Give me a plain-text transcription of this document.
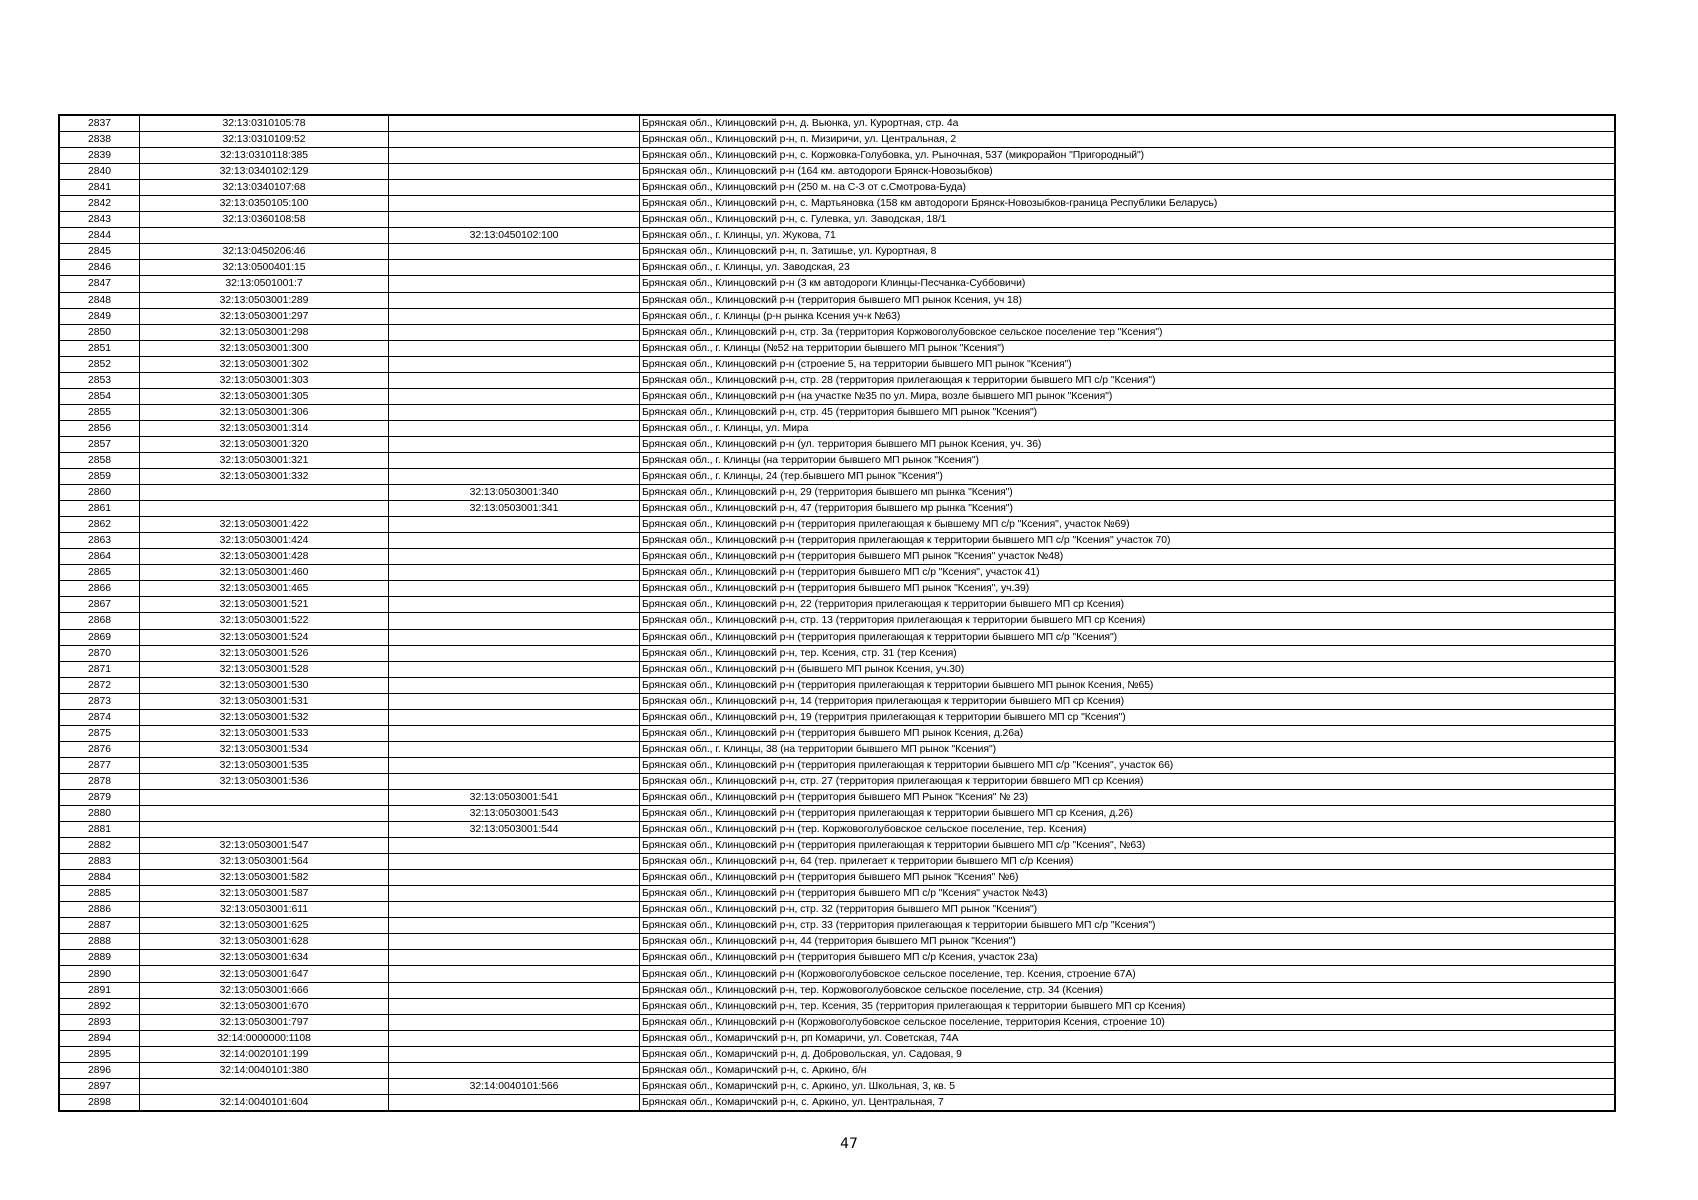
2837	32:13:0310105:78		Брянская обл., Клинцовский р-н, д. Вьюнка, ул. Курортная, стр. 4а
2838	32:13:0310109:52		Брянская обл., Клинцовский р-н, п. Мизиричи, ул. Центральная, 2
2839	32:13:0310118:385		Брянская обл., Клинцовский р-н, с. Коржовка-Голубовка, ул. Рыночная, 537 (микрорайон "Пригородный")
2840	32:13:0340102:129		Брянская обл., Клинцовский р-н (164 км. автодороги Брянск-Новозыбков)
2841	32:13:0340107:68		Брянская обл., Клинцовский р-н (250 м. на С-З от с.Смотрова-Буда)
2842	32:13:0350105:100		Брянская обл., Клинцовский р-н, с. Мартьяновка (158 км автодороги Брянск-Новозыбков-граница Республики Беларусь)
2843	32:13:0360108:58		Брянская обл., Клинцовский р-н, с. Гулевка, ул. Заводская, 18/1
2844		32:13:0450102:100	Брянская обл., г. Клинцы, ул. Жукова, 71
2845	32:13:0450206:46		Брянская обл., Клинцовский р-н, п. Затишье, ул. Курортная, 8
2846	32:13:0500401:15		Брянская обл., г. Клинцы, ул. Заводская, 23
2847	32:13:0501001:7		Брянская обл., Клинцовский р-н (3 км автодороги Клинцы-Песчанка-Суббовичи)
2848	32:13:0503001:289		Брянская обл., Клинцовский р-н (территория бывшего МП рынок Ксения, уч 18)
2849	32:13:0503001:297		Брянская обл., г. Клинцы (р-н рынка Ксения уч-к №63)
2850	32:13:0503001:298		Брянская обл., Клинцовский р-н, стр. 3а (территория Коржовоголубовское сельское поселение тер "Ксения")
2851	32:13:0503001:300		Брянская обл., г. Клинцы (№52 на территории бывшего МП рынок "Ксения")
2852	32:13:0503001:302		Брянская обл., Клинцовский р-н (строение 5, на территории бывшего МП рынок "Ксения")
2853	32:13:0503001:303		Брянская обл., Клинцовский р-н, стр. 28 (территория прилегающая к территории бывшего МП с/р "Ксения")
2854	32:13:0503001:305		Брянская обл., Клинцовский р-н (на участке №35 по ул. Мира, возле бывшего МП рынок "Ксения")
2855	32:13:0503001:306		Брянская обл., Клинцовский р-н, стр. 45 (территория бывшего МП рынок "Ксения")
2856	32:13:0503001:314		Брянская обл., г. Клинцы, ул. Мира
2857	32:13:0503001:320		Брянская обл., Клинцовский р-н (ул. территория бывшего МП рынок Ксения, уч. 36)
2858	32:13:0503001:321		Брянская обл., г. Клинцы (на территории бывшего МП рынок "Ксения")
2859	32:13:0503001:332		Брянская обл., г. Клинцы, 24 (тер.бывшего МП рынок "Ксения")
2860		32:13:0503001:340	Брянская обл., Клинцовский р-н, 29 (территория бывшего мп рынка "Ксения")
2861		32:13:0503001:341	Брянская обл., Клинцовский р-н, 47 (территория бывшего мр рынка "Ксения")
2862	32:13:0503001:422		Брянская обл., Клинцовский р-н (территория прилегающая к бывшему МП с/р "Ксения", участок №69)
2863	32:13:0503001:424		Брянская обл., Клинцовский р-н (территория прилегающая к территории бывшего МП с/р "Ксения" участок 70)
2864	32:13:0503001:428		Брянская обл., Клинцовский р-н (территория бывшего МП рынок "Ксения" участок №48)
2865	32:13:0503001:460		Брянская обл., Клинцовский р-н (территория бывшего МП с/р "Ксения", участок 41)
2866	32:13:0503001:465		Брянская обл., Клинцовский р-н (территория бывшего МП рынок "Ксения", уч.39)
2867	32:13:0503001:521		Брянская обл., Клинцовский р-н, 22 (территория прилегающая к территории бывшего МП ср Ксения)
2868	32:13:0503001:522		Брянская обл., Клинцовский р-н, стр. 13 (территория прилегающая к территории бывшего МП ср Ксения)
2869	32:13:0503001:524		Брянская обл., Клинцовский р-н (территория прилегающая к территории бывшего МП с/р "Ксения")
2870	32:13:0503001:526		Брянская обл., Клинцовский р-н, тер. Ксения, стр. 31 (тер Ксения)
2871	32:13:0503001:528		Брянская обл., Клинцовский р-н (бывшего МП рынок Ксения, уч.30)
2872	32:13:0503001:530		Брянская обл., Клинцовский р-н (территория прилегающая к территории бывшего МП рынок Ксения, №65)
2873	32:13:0503001:531		Брянская обл., Клинцовский р-н, 14 (территория прилегающая к территории бывшего МП ср Ксения)
2874	32:13:0503001:532		Брянская обл., Клинцовский р-н, 19 (территрия прилегающая к территории бывшего МП ср "Ксения")
2875	32:13:0503001:533		Брянская обл., Клинцовский р-н (территория бывшего МП рынок Ксения, д.26а)
2876	32:13:0503001:534		Брянская обл., г. Клинцы, 38 (на территории бывшего МП рынок "Ксения")
2877	32:13:0503001:535		Брянская обл., Клинцовский р-н (территория прилегающая к территории бывшего МП с/р "Ксения", участок 66)
2878	32:13:0503001:536		Брянская обл., Клинцовский р-н, стр. 27 (территория прилегающая к территории бввшего МП ср Ксения)
2879		32:13:0503001:541	Брянская обл., Клинцовский р-н (территория бывшего МП Рынок "Ксения" № 23)
2880		32:13:0503001:543	Брянская обл., Клинцовский р-н (территория прилегающая к территории бывшего МП ср Ксения, д.26)
2881		32:13:0503001:544	Брянская обл., Клинцовский р-н (тер. Коржовоголубовское сельское поселение, тер. Ксения)
2882	32:13:0503001:547		Брянская обл., Клинцовский р-н (территория прилегающая к территории бывшего МП с/р "Ксения", №63)
2883	32:13:0503001:564		Брянская обл., Клинцовский р-н, 64 (тер. прилегает к территории бывшего МП с/р Ксения)
2884	32:13:0503001:582		Брянская обл., Клинцовский р-н (территория бывшего МП рынок "Ксения" №6)
2885	32:13:0503001:587		Брянская обл., Клинцовский р-н (территория бывшего МП с/р "Ксения" участок №43)
2886	32:13:0503001:611		Брянская обл., Клинцовский р-н, стр. 32 (территория бывшего МП рынок "Ксения")
2887	32:13:0503001:625		Брянская обл., Клинцовский р-н, стр. 33 (территория прилегающая к территории бывшего МП с/р "Ксения")
2888	32:13:0503001:628		Брянская обл., Клинцовский р-н, 44 (территория бывшего МП рынок "Ксения")
2889	32:13:0503001:634		Брянская обл., Клинцовский р-н (территория бывшего МП с/р Ксения, участок 23а)
2890	32:13:0503001:647		Брянская обл., Клинцовский р-н (Коржовоголубовское сельское поселение, тер. Ксения, строение 67А)
2891	32:13:0503001:666		Брянская обл., Клинцовский р-н, тер. Коржовоголубовское сельское поселение, стр. 34 (Ксения)
2892	32:13:0503001:670		Брянская обл., Клинцовский р-н, тер. Ксения, 35 (территория прилегающая к территории бывшего МП ср Ксения)
2893	32:13:0503001:797		Брянская обл., Клинцовский р-н (Коржовоголубовское сельское поселение, территория Ксения, строение 10)
2894	32:14:0000000:1108		Брянская обл., Комаричский р-н, рп Комаричи, ул. Советская, 74А
2895	32:14:0020101:199		Брянская обл., Комаричский р-н, д. Добровольская, ул. Садовая, 9
2896	32:14:0040101:380		Брянская обл., Комаричский р-н, с. Аркино, б/н
2897		32:14:0040101:566	Брянская обл., Комаричский р-н, с. Аркино, ул. Школьная, 3, кв. 5
2898	32:14:0040101:604		Брянская обл., Комаричский р-н, с. Аркино, ул. Центральная, 7
47
